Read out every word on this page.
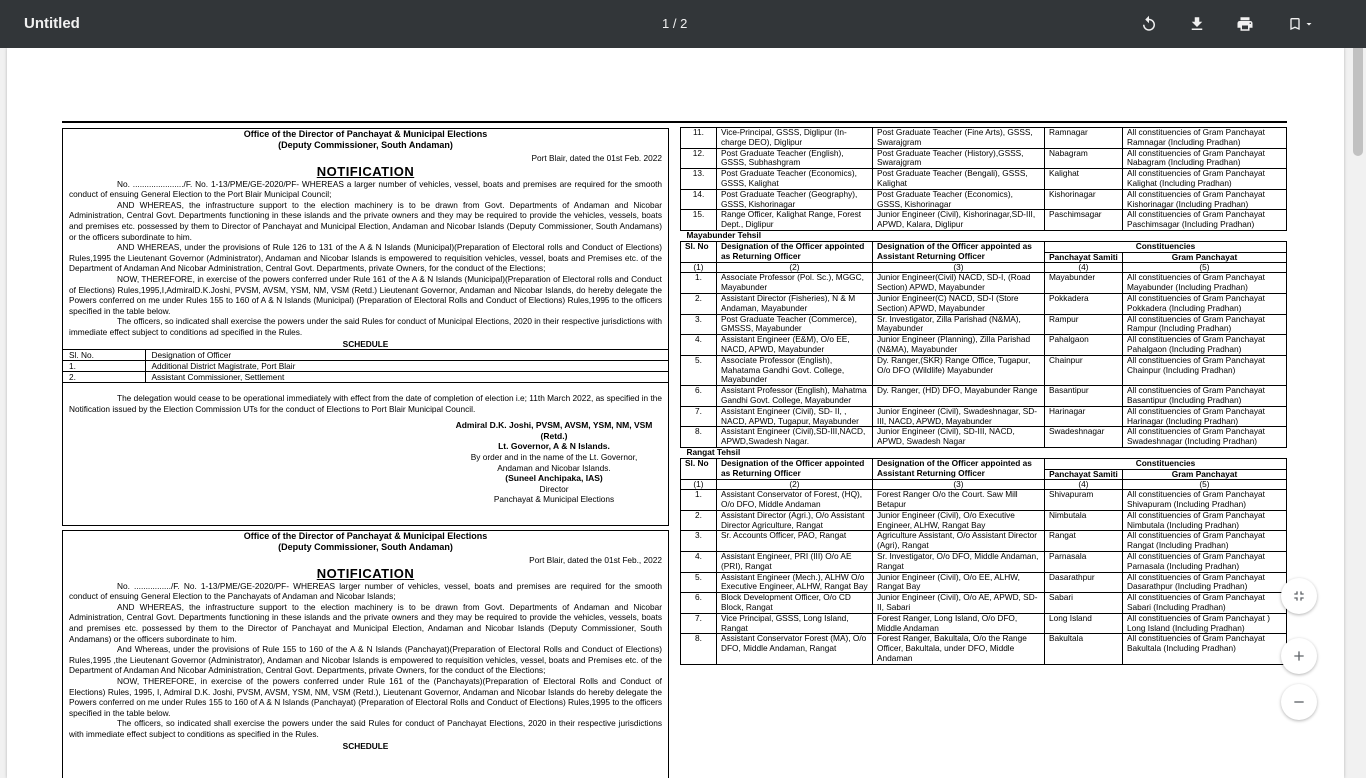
Untitled	1 / 2
Office of the Director of Panchayat & Municipal Elections
(Deputy Commissioner, South Andaman)
Port Blair, dated the 01st Feb. 2022
NOTIFICATION
No. ....................../F. No. 1-13/PME/GE-2020/PF- WHEREAS a larger number of vehicles, vessel, boats and premises are required for the smooth conduct of ensuing General Election to the Port Blair Municipal Council;
AND WHEREAS, the infrastructure support to the election machinery is to be drawn from Govt. Departments of Andaman and Nicobar Administration, Central Govt. Departments functioning in these islands and the private owners and they may be required to provide the vehicles, vessels, boats and premises etc. possessed by them to Director of Panchayat and Municipal Election, Andaman and Nicobar Islands (Deputy Commissioner, South Andamans) or the officers subordinate to him.
AND WHEREAS, under the provisions of Rule 126 to 131 of the A & N Islands (Municipal)(Preparation of Electoral rolls and Conduct of Elections) Rules,1995 the Lieutenant Governor (Administrator), Andaman and Nicobar Islands is empowered to requisition vehicles, vessel, boats and Premises etc. of the Department of Andaman And Nicobar Administration, Central Govt. Departments, private Owners, for the conduct of the Elections;
NOW, THEREFORE, in exercise of the powers conferred under Rule 161 of the A & N Islands (Municipal)(Preparation of Electoral rolls and Conduct of Elections) Rules,1995,I,AdmiralD.K.Joshi, PVSM, AVSM, YSM, NM, VSM (Retd.) Lieutenant Governor, Andaman and Nicobar Islands, do hereby delegate the Powers conferred on me under Rules 155 to 160 of A & N Islands (Municipal) (Preparation of Electoral Rolls and Conduct of Elections) Rules,1995 to the officers specified in the table below.
The officers, so indicated shall exercise the powers under the said Rules for conduct of Municipal Elections, 2020 in their respective jurisdictions with immediate effect subject to conditions ad specified in the Rules.
SCHEDULE
Sl. No.	Designation of Officer
1.	Additional District Magistrate, Port Blair
2.	Assistant Commissioner, Settlement
The delegation would cease to be operational immediately with effect from the date of completion of election i.e; 11th March 2022, as specified in the Notification issued by the Election Commission UTs for the conduct of Elections to Port Blair Municipal Council.
Admiral D.K. Joshi, PVSM, AVSM, YSM, NM, VSM (Retd.)
Lt. Governor, A & N Islands.
By order and in the name of the Lt. Governor,
Andaman and Nicobar Islands.
(Suneel Anchipaka, IAS)
Director
Panchayat & Municipal Elections
Office of the Director of Panchayat & Municipal Elections
(Deputy Commissioner, South Andaman)
Port Blair, dated the 01st Feb., 2022
NOTIFICATION
No. ................/F. No. 1-13/PME/GE-2020/PF- WHEREAS larger number of vehicles, vessel, boats and premises are required for the smooth conduct of ensuing General Election to the Panchayats of Andaman and Nicobar Islands;
AND WHEREAS, the infrastructure support to the election machinery is to be drawn from Govt. Departments of Andaman and Nicobar Administration, Central Govt. Departments functioning in these islands and the private owners and they may be required to provide the vehicles, vessels, boats and premises etc. possessed by them to the Director of Panchayat and Municipal Election, Andaman and Nicobar Islands (Deputy Commissioner, South Andamans) or the officers subordinate to him.
And Whereas, under the provisions of Rule 155 to 160 of the A & N Islands (Panchayat)(Preparation of Electoral Rolls and Conduct of Elections) Rules,1995 ,the Lieutenant Governor (Administrator), Andaman and Nicobar Islands is empowered to requisition vehicles, vessel, boats and Premises etc. of the Department of Andaman And Nicobar Administration, Central Govt. Departments, private Owners, for the conduct of the Elections;
NOW, THEREFORE, in exercise of the powers conferred under Rule 161 of the (Panchayats)(Preparation of Electoral Rolls and Conduct of Elections) Rules, 1995, I, Admiral D.K. Joshi, PVSM, AVSM, YSM, NM, VSM (Retd.), Lieutenant Governor, Andaman and Nicobar Islands do hereby delegate the Powers conferred on me under Rules 155 to 160 of A & N Islands (Panchayat) (Preparation of Electoral Rolls and Conduct of Elections) Rules,1995 to the officers specified in the table below.
The officers, so indicated shall exercise the powers under the said Rules for conduct of Panchayat Elections, 2020 in their respective jurisdictions with immediate effect subject to conditions as specified in the Rules.
SCHEDULE
11.	Vice-Principal, GSSS, Diglipur (In-charge DEO), Diglipur	Post Graduate Teacher (Fine Arts), GSSS, Swarajgram	Ramnagar	All constituencies of Gram Panchayat Ramnagar (Including Pradhan)
12.	Post Graduate Teacher (English), GSSS, Subhashgram	Post Graduate Teacher (History),GSSS, Swarajgram	Nabagram	All constituencies of Gram Panchayat Nabagram (Including Pradhan)
13.	Post Graduate Teacher (Economics), GSSS, Kalighat	Post Graduate Teacher (Bengali), GSSS, Kalighat	Kalighat	All constituencies of Gram Panchayat Kalighat (Including Pradhan)
14.	Post Graduate Teacher (Geography), GSSS, Kishorinagar	Post Graduate Teacher (Economics), GSSS, Kishorinagar	Kishorinagar	All constituencies of Gram Panchayat Kishorinagar (Including Pradhan)
15.	Range Officer, Kalighat Range, Forest Dept., Diglipur	Junior Engineer (Civil), Kishorinagar,SD-III, APWD, Kalara, Diglipur	Paschimsagar	All constituencies of Gram Panchayat Paschimsagar (Including Pradhan)
Mayabunder Tehsil				
Sl. No	Designation of the Officer appointed as Returning Officer	Designation of the Officer appointed as Assistant Returning Officer	Constituencies	
			Panchayat Samiti	Gram Panchayat
(1)	(2)	(3)	(4)	(5)
1.	Associate Professor (Pol. Sc.), MGGC, Mayabunder	Junior Engineer(Civil) NACD, SD-I, (Road Section) APWD, Mayabunder	Mayabunder	All constituencies of Gram Panchayat Mayabunder (Including Pradhan)
2.	Assistant Director (Fisheries), N & M Andaman, Mayabunder	Junior Engineer(C) NACD, SD-I (Store Section) APWD, Mayabunder	Pokkadera	All constituencies of Gram Panchayat Pokkadera (Including Pradhan)
3.	Post Graduate Teacher (Commerce), GMSSS, Mayabunder	Sr. Investigator, Zilla Parishad (N&MA), Mayabunder	Rampur	All constituencies of Gram Panchayat Rampur (Including Pradhan)
4.	Assistant Engineer (E&M), O/o EE, NACD, APWD, Mayabunder	Junior Engineer (Planning), Zilla Parishad (N&MA), Mayabunder	Pahalgaon	All constituencies of Gram Panchayat Pahalgaon (Including Pradhan)
5.	Associate Professor (English), Mahatama Gandhi Govt. College, Mayabunder	Dy. Ranger,(SKR) Range Office, Tugapur, O/o DFO (Wildlife) Mayabunder	Chainpur	All constituencies of Gram Panchayat Chainpur (Including Pradhan)
6.	Assistant Professor (English), Mahatma Gandhi Govt. College, Mayabunder	Dy. Ranger, (HD) DFO, Mayabunder Range	Basantipur	All constituencies of Gram Panchayat Basantipur (Including Pradhan)
7.	Assistant Engineer (Civil), SD- II, , NACD, APWD, Tugapur, Mayabunder	Junior Engineer (Civil), Swadeshnagar, SD-III, NACD, APWD, Mayabunder	Harinagar	All constituencies of Gram Panchayat Harinagar (Including Pradhan)
8.	Assistant Engineer (Civil),SD-III,NACD, APWD,Swadesh Nagar.	Junior Engineer (Civil), SD-III, NACD, APWD, Swadesh Nagar	Swadeshnagar	All constituencies of Gram Panchayat Swadeshnagar (Including Pradhan)
Rangat Tehsil				
Sl. No	Designation of the Officer appointed as Returning Officer	Designation of the Officer appointed as Assistant Returning Officer	Constituencies	
			Panchayat Samiti	Gram Panchayat
(1)	(2)	(3)	(4)	(5)
1.	Assistant Conservator of Forest, (HQ), O/o DFO, Middle Andaman	Forest Ranger O/o the Court. Saw Mill Betapur	Shivapuram	All constituencies of Gram Panchayat Shivapuram (Including Pradhan)
2.	Assistant Director (Agri.), O/o Assistant Director Agriculture, Rangat	Junior Engineer (Civil), O/o Executive Engineer, ALHW, Rangat Bay	Nimbutala	All constituencies of Gram Panchayat Nimbutala (Including Pradhan)
3.	Sr. Accounts Officer, PAO, Rangat	Agriculture Assistant, O/o Assistant Director (Agri), Rangat	Rangat	All constituencies of Gram Panchayat Rangat (Including Pradhan)
4.	Assistant Engineer, PRI (III) O/o AE (PRI), Rangat	Sr. Investigator, O/o DFO, Middle Andaman, Rangat	Parnasala	All constituencies of Gram Panchayat Parnasala (Including Pradhan)
5.	Assistant Engineer (Mech.), ALHW O/o Executive Engineer, ALHW, Rangat Bay	Junior Engineer (Civil), O/o EE, ALHW, Rangat Bay	Dasarathpur	All constituencies of Gram Panchayat Dasarathpur (Including Pradhan)
6.	Block Development Officer, O/o CD Block, Rangat	Junior Engineer (Civil), O/o AE, APWD, SD-II, Sabari	Sabari	All constituencies of Gram Panchayat Sabari (Including Pradhan)
7.	Vice Principal, GSSS, Long Island, Rangat	Forest Ranger, Long Island, O/o DFO, Middle Andaman	Long Island	All constituencies of Gram Panchayat ) Long Island (Including Pradhan)
8.	Assistant Conservator Forest (MA), O/o DFO, Middle Andaman, Rangat	Forest Ranger, Bakultala, O/o the Range Officer, Bakultala, under DFO, Middle Andaman	Bakultala	All constituencies of Gram Panchayat Bakultala (Including Pradhan)
